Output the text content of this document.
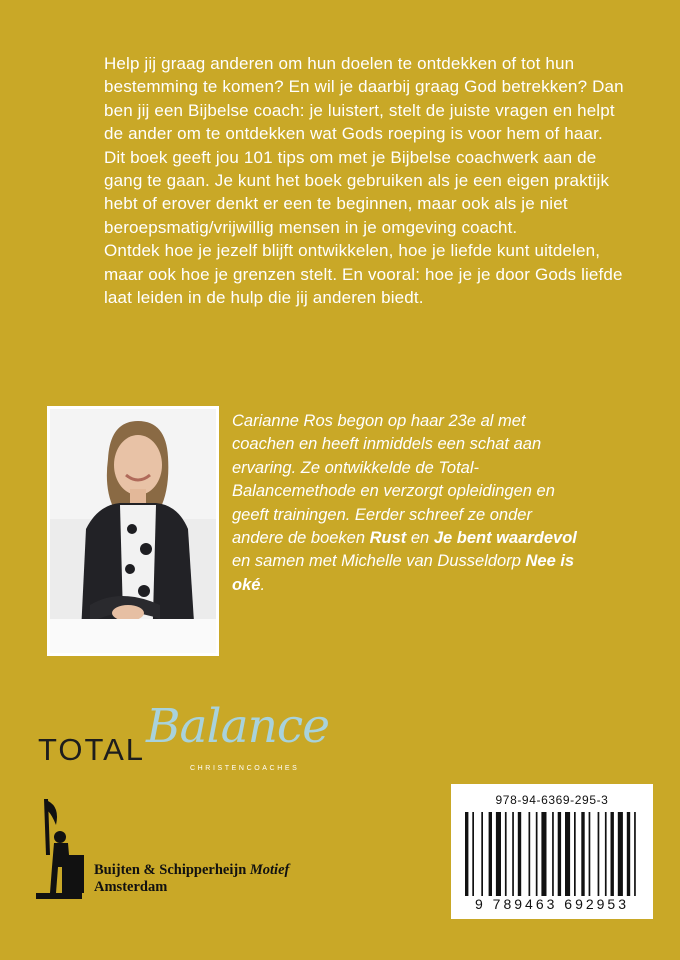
Help jij graag anderen om hun doelen te ontdekken of tot hun bestemming te komen? En wil je daarbij graag God betrekken? Dan ben jij een Bijbelse coach: je luistert, stelt de juiste vragen en helpt de ander om te ontdekken wat Gods roeping is voor hem of haar.

Dit boek geeft jou 101 tips om met je Bijbelse coachwerk aan de gang te gaan. Je kunt het boek gebruiken als je een eigen praktijk hebt of erover denkt er een te beginnen, maar ook als je niet beroepsmatig/vrijwillig mensen in je omgeving coacht.

Ontdek hoe je jezelf blijft ontwikkelen, hoe je liefde kunt uitdelen, maar ook hoe je grenzen stelt. En vooral: hoe je je door Gods liefde laat leiden in de hulp die jij anderen biedt.

Carianne Ros begon op haar 23e al met coachen en heeft inmiddels een schat aan ervaring. Ze ontwikkelde de Total-Balancemethode en verzorgt opleidingen en geeft trainingen. Eerder schreef ze onder andere de boeken Rust en Je bent waardevol en samen met Michelle van Dusseldorp Nee is oké.
TOTAL Balance
CHRISTENCOACHES
Buijten & Schipperheijn Motief
Amsterdam
978-94-6369-295-3
9 789463 692953
